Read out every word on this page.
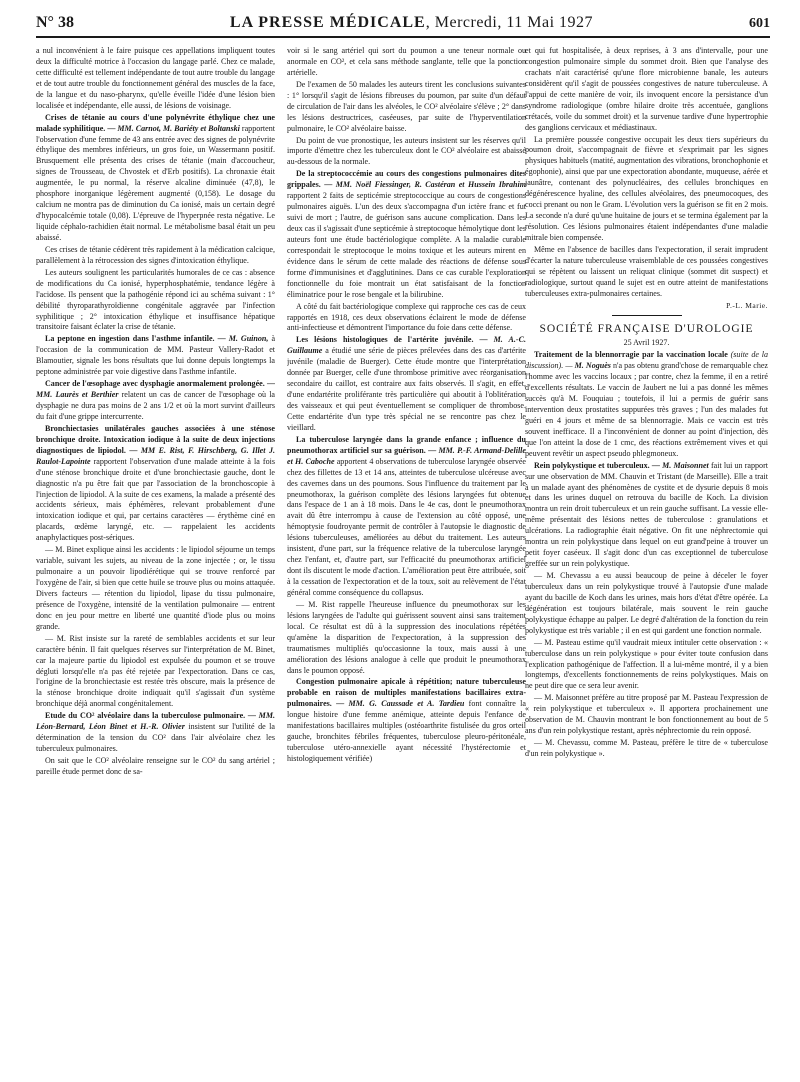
N° 38	LA PRESSE MÉDICALE, Mercredi, 11 Mai 1927	601

a nul inconvénient à le faire puisque ces appellations impliquent toutes deux la difficulté motrice à l'occasion du langage parlé. Chez ce malade, cette difficulté est tellement indépendante de tout autre trouble du langage et de tout autre trouble du fonctionnement général des muscles de la face, de la langue et du naso-pharynx, qu'elle éveille l'idée d'une lésion bien localisée et indépendante, elle aussi, de lésions de voisinage.

Crises de tétanie au cours d'une polynévrite éthylique chez une malade syphilitique. — MM. Carnot, M. Bariéty et Boltanski rapportent l'observation d'une femme de 43 ans entrée avec des signes de polynévrite éthylique des membres inférieurs, un gros foie, un Wassermann positif. Brusquement elle présenta des crises de tétanie (main d'accoucheur, signes de Trousseau, de Chvostek et d'Erb positifs). La chronaxie était augmentée, le pu normal, la réserve alcaline diminuée (47,8), le phosphore inorganique légèrement augmenté (0,158). Le dosage du calcium ne montra pas de diminution du Ca ionisé, mais un certain degré d'hypocalcémie totale (0,08). L'épreuve de l'hyperpnée resta négative. Le liquide céphalo-rachidien était normal. Le métabolisme basal était un peu abaissé.

Ces crises de tétanie cédèrent très rapidement à la médication calcique, parallèlement à la rétrocession des signes d'intoxication éthylique.

Les auteurs soulignent les particularités humorales de ce cas : absence de modifications du Ca ionisé, hyperphosphatémie, tendance légère à l'acidose. Ils pensent que la pathogénie répond ici au schéma suivant : 1° débilité thyroparathyroïdienne congénitale aggravée par l'infection syphilitique ; 2° intoxication éthylique et insuffisance hépatique transitoire faisant éclater la crise de tétanie.

La peptone en ingestion dans l'asthme infantile. — M. Guinon, à l'occasion de la communication de MM. Pasteur Vallery-Radot et Blamoutier, signale les bons résultats que lui donne depuis longtemps la peptone administrée par voie digestive dans l'asthme infantile.

Cancer de l'œsophage avec dysphagie anormalement prolongée. — MM. Laurès et Berthier relatent un cas de cancer de l'œsophage où la dysphagie ne dura pas moins de 2 ans 1/2 et où la mort survint d'ailleurs du fait d'une grippe intercurrente.

Bronchiectasies unilatérales gauches associées à une sténose bronchique droite. Intoxication iodique à la suite de deux injections diagnostiques de lipiodol. — MM E. Rist, F. Hirschberg, G. Illet J. Raulot-Lapointe rapportent l'observation d'une malade atteinte à la fois d'une sténose bronchique droite et d'une bronchiectasie gauche, dont le diagnostic n'a pu être fait que par l'association de la bronchoscopie à l'injection de lipiodol. A la suite de ces examens, la malade a présenté des accidents sérieux, mais éphémères, relevant probablement d'une intoxication iodique et qui, par certains caractères — érythème ciné en placards, œdème laryngé, etc. — rappelaient les accidents anaphylactiques post-sériques.

— M. Binet explique ainsi les accidents : le lipiodol séjourne un temps variable, suivant les sujets, au niveau de la zone injectée ; or, le tissu pulmonaire a un pouvoir lipodiérétique qui se trouve renforcé par l'oxygène de l'air, si bien que cette huile se trouve plus ou moins attaquée. Divers facteurs — rétention du lipiodol, lipase du tissu pulmonaire, présence de l'oxygène, intensité de la ventilation pulmonaire — entrent donc en jeu pour mettre en liberté une quantité d'iode plus ou moins grande.

— M. Rist insiste sur la rareté de semblables accidents et sur leur caractère bénin. Il fait quelques réserves sur l'interprétation de M. Binet, car la majeure partie du lipiodol est expulsée du poumon et se trouve dégluti lorsqu'elle n'a pas été rejetée par l'expectoration. Dans ce cas, l'origine de la bronchiectasie est restée très obscure, mais la présence de la sténose bronchique droite indiquait qu'il s'agissait d'un système bronchique déjà anormal congénitalement.

Etude du CO² alvéolaire dans la tuberculose pulmonaire. — MM. Léon-Bernard, Léon Binet et H.-R. Olivier insistent sur l'utilité de la détermination de la tension du CO² dans l'air alvéolaire chez les tuberculeux pulmonaires.

On sait que le CO² alvéolaire renseigne sur le CO² du sang artériel ; pareille étude permet donc de sa-

voir si le sang artériel qui sort du poumon a une teneur normale ou anormale en CO², et cela sans méthode sanglante, telle que la ponction artérielle.

De l'examen de 50 malades les auteurs tirent les conclusions suivantes : 1° lorsqu'il s'agit de lésions fibreuses du poumon, par suite d'un défaut de circulation de l'air dans les alvéoles, le CO² alvéolaire s'élève ; 2° dans les lésions destructrices, caséeuses, par suite de l'hyperventilation pulmonaire, le CO² alvéolaire baisse.

Du point de vue pronostique, les auteurs insistent sur les réserves qu'il importe d'émettre chez les tuberculeux dont le CO² alvéolaire est abaissé au-dessous de la normale.

De la streptococcémie au cours des congestions pulmonaires dites grippales. — MM. Noël Fiessinger, R. Castéran et Hussein Ibrahim rapportent 2 faits de septicémie streptococcique au cours de congestions pulmonaires aiguës. L'un des deux s'accompagna d'un ictère franc et fut suivi de mort ; l'autre, de guérison sans aucune complication. Dans les deux cas il s'agissait d'une septicémie à streptocoque hémolytique dont les auteurs font une étude bactériologique complète. A la maladie curable correspondait le streptocoque le moins toxique et les auteurs mirent en évidence dans le sérum de cette malade des réactions de défense sous forme d'immunisines et d'agglutinines. Dans ce cas curable l'exploration fonctionnelle du foie montrait un état satisfaisant de la fonction éliminatrice pour le rose bengale et la bilirubine.

A côté du fait bactériologique complexe qui rapproche ces cas de ceux rapportés en 1918, ces deux observations éclairent le mode de défense anti-infectieuse et démontrent l'importance du foie dans cette défense.

Les lésions histologiques de l'artérite juvénile. — M. A.-C. Guillaume a étudié une série de pièces prélevées dans des cas d'artérite juvénile (maladie de Buerger). Cette étude montre que l'interprétation donnée par Buerger, celle d'une thrombose primitive avec réorganisation secondaire du caillot, est contraire aux faits observés. Il s'agit, en effet, d'une endartérite proliférante très particulière qui aboutit à l'oblitération des vaisseaux et qui peut éventuellement se compliquer de thrombose. Cette endartérite d'un type très spécial ne se rencontre pas chez le vieillard.

La tuberculose laryngée dans la grande enfance ; influence du pneumothorax artificiel sur sa guérison. — MM. P.-F. Armand-Delille et H. Caboche apportent 4 observations de tuberculose laryngée observée chez des fillettes de 13 et 14 ans, atteintes de tuberculose ulcéreuse avec des cavernes dans un des poumons. Sous l'influence du traitement par le pneumothorax, la guérison complète des lésions laryngées fut obtenue dans l'espace de 1 an à 18 mois. Dans le 4e cas, dont le pneumothorax avait dû être interrompu à cause de l'extension au côté opposé, une hémoptysie foudroyante permit de contrôler à l'autopsie le diagnostic de lésions tuberculeuses, améliorées au début du traitement. Les auteurs insistent, d'une part, sur la fréquence relative de la tuberculose laryngée chez l'enfant, et, d'autre part, sur l'efficacité du pneumothorax artificiel dont ils discutent le mode d'action. L'amélioration peut être attribuée, soit à la cessation de l'expectoration et de la toux, soit au relèvement de l'état général comme conséquence du collapsus.

— M. Rist rappelle l'heureuse influence du pneumothorax sur les lésions laryngées de l'adulte qui guérissent souvent ainsi sans traitement local. Ce résultat est dû à la suppression des inoculations répétées qu'amène la disparition de l'expectoration, à la suppression des traumatismes multipliés qu'occasionne la toux, mais aussi à une amélioration des lésions analogue à celle que produit le pneumothorax dans le poumon opposé.

Congestion pulmonaire apicale à répétition; nature tuberculeuse probable en raison de multiples manifestations bacillaires extra-pulmonaires. — MM. G. Caussade et A. Tardieu font connaître la longue histoire d'une femme anémique, atteinte depuis l'enfance de manifestations bacillaires multiples (ostéoarthrite fistulisée du gros orteil gauche, bronchites fébriles fréquentes, tuberculose pleuro-péritonéale, tuberculose utéro-annexielle ayant nécessité l'hystérectomie et histologiquement vérifiée)

et qui fut hospitalisée, à deux reprises, à 3 ans d'intervalle, pour une congestion pulmonaire simple du sommet droit. Bien que l'analyse des crachats n'ait caractérisé qu'une flore microbienne banale, les auteurs considèrent qu'il s'agit de poussées congestives de nature tuberculeuse. A l'appui de cette manière de voir, ils invoquent encore la persistance d'un syndrome radiologique (ombre hilaire droite très accentuée, ganglions crétacés, voile du sommet droit) et la survenue tardive d'une hypertrophie des ganglions cervicaux et médiastinaux.

La première poussée congestive occupait les deux tiers supérieurs du poumon droit, s'accompagnait de fièvre et s'exprimait par les signes physiques habituels (matité, augmentation des vibrations, bronchophonie et égophonie), ainsi que par une expectoration abondante, muqueuse, aérée et jaunâtre, contenant des polynucléaires, des cellules bronchiques en dégénérescence hyaline, des cellules alvéolaires, des pneumocoques, des cocci prenant ou non le Gram. L'évolution vers la guérison se fit en 2 mois. La seconde n'a duré qu'une huitaine de jours et se termina également par la résolution. Ces lésions pulmonaires étaient indépendantes d'une maladie mitrale bien compensée.

Même en l'absence de bacilles dans l'expectoration, il serait imprudent d'écarter la nature tuberculeuse vraisemblable de ces poussées congestives qui se répètent ou laissent un reliquat clinique (sommet dit suspect) et radiologique, surtout quand le sujet est en outre atteint de manifestations tuberculeuses extra-pulmonaires certaines.

P.-L. Marie.

SOCIÉTÉ FRANÇAISE D'UROLOGIE

25 Avril 1927.

Traitement de la blennorragie par la vaccination locale (suite de la discussion). — M. Noguès n'a pas obtenu grand'chose de remarquable chez l'homme avec les vaccins locaux ; par contre, chez la femme, il en a retiré d'excellents résultats. Le vaccin de Jaubert ne lui a pas donné les mêmes succès qu'à M. Fouquiau ; toutefois, il lui a permis de guérir sans intervention deux prostatites suppurées très graves ; l'un des malades fut guéri en 4 jours et même de sa blennorragie. Mais ce vaccin est très souvent inefficace. Il a l'inconvénient de donner au point d'injection, dès que l'on atteint la dose de 1 cmc, des réactions extrêmement vives et qui peuvent revêtir un aspect pseudo phlegmoneux.

Rein polykystique et tuberculeux. — M. Maisonnet fait lui un rapport sur une observation de MM. Chauvin et Tristant (de Marseille). Elle a trait à un malade ayant des phénomènes de cystite et de dysurie depuis 8 mois et dans les urines duquel on retrouva du bacille de Koch. La division montra un rein droit tuberculeux et un rein gauche suffisant. La vessie elle-même présentait des lésions nettes de tuberculose : granulations et ulcérations. La radiographie était négative. On fit une néphrectomie qui montra un rein polykystique dans lequel on eut grand'peine à trouver un petit foyer caséeux. Il s'agit donc d'un cas exceptionnel de tuberculose greffée sur un rein polykystique.

— M. Chevassu a eu aussi beaucoup de peine à déceler le foyer tuberculeux dans un rein polykystique trouvé à l'autopsie d'une malade ayant du bacille de Koch dans les urines, mais hors d'état d'être opérée. La dégénération est toujours bilatérale, mais souvent le rein gauche polykystique échappe au palper. Le degré d'altération de la fonction du rein polykystique est très variable ; il en est qui gardent une fonction normale.

— M. Pasteau estime qu'il vaudrait mieux intituler cette observation : « tuberculose dans un rein polykystique » pour éviter toute confusion dans l'explication pathogénique de l'affection. Il a lui-même montré, il y a bien longtemps, d'excellents fonctionnements de reins polykystiques. Mais on ne peut dire que ce sera leur avenir.

— M. Maisonnet préfère au titre proposé par M. Pasteau l'expression de « rein polykystique et tuberculeux ». Il apportera prochainement une observation de M. Chauvin montrant le bon fonctionnement au bout de 5 ans d'un rein polykystique restant, après néphrectomie du rein opposé.

— M. Chevassu, comme M. Pasteau, préfère le titre de « tuberculose d'un rein polykystique ».
